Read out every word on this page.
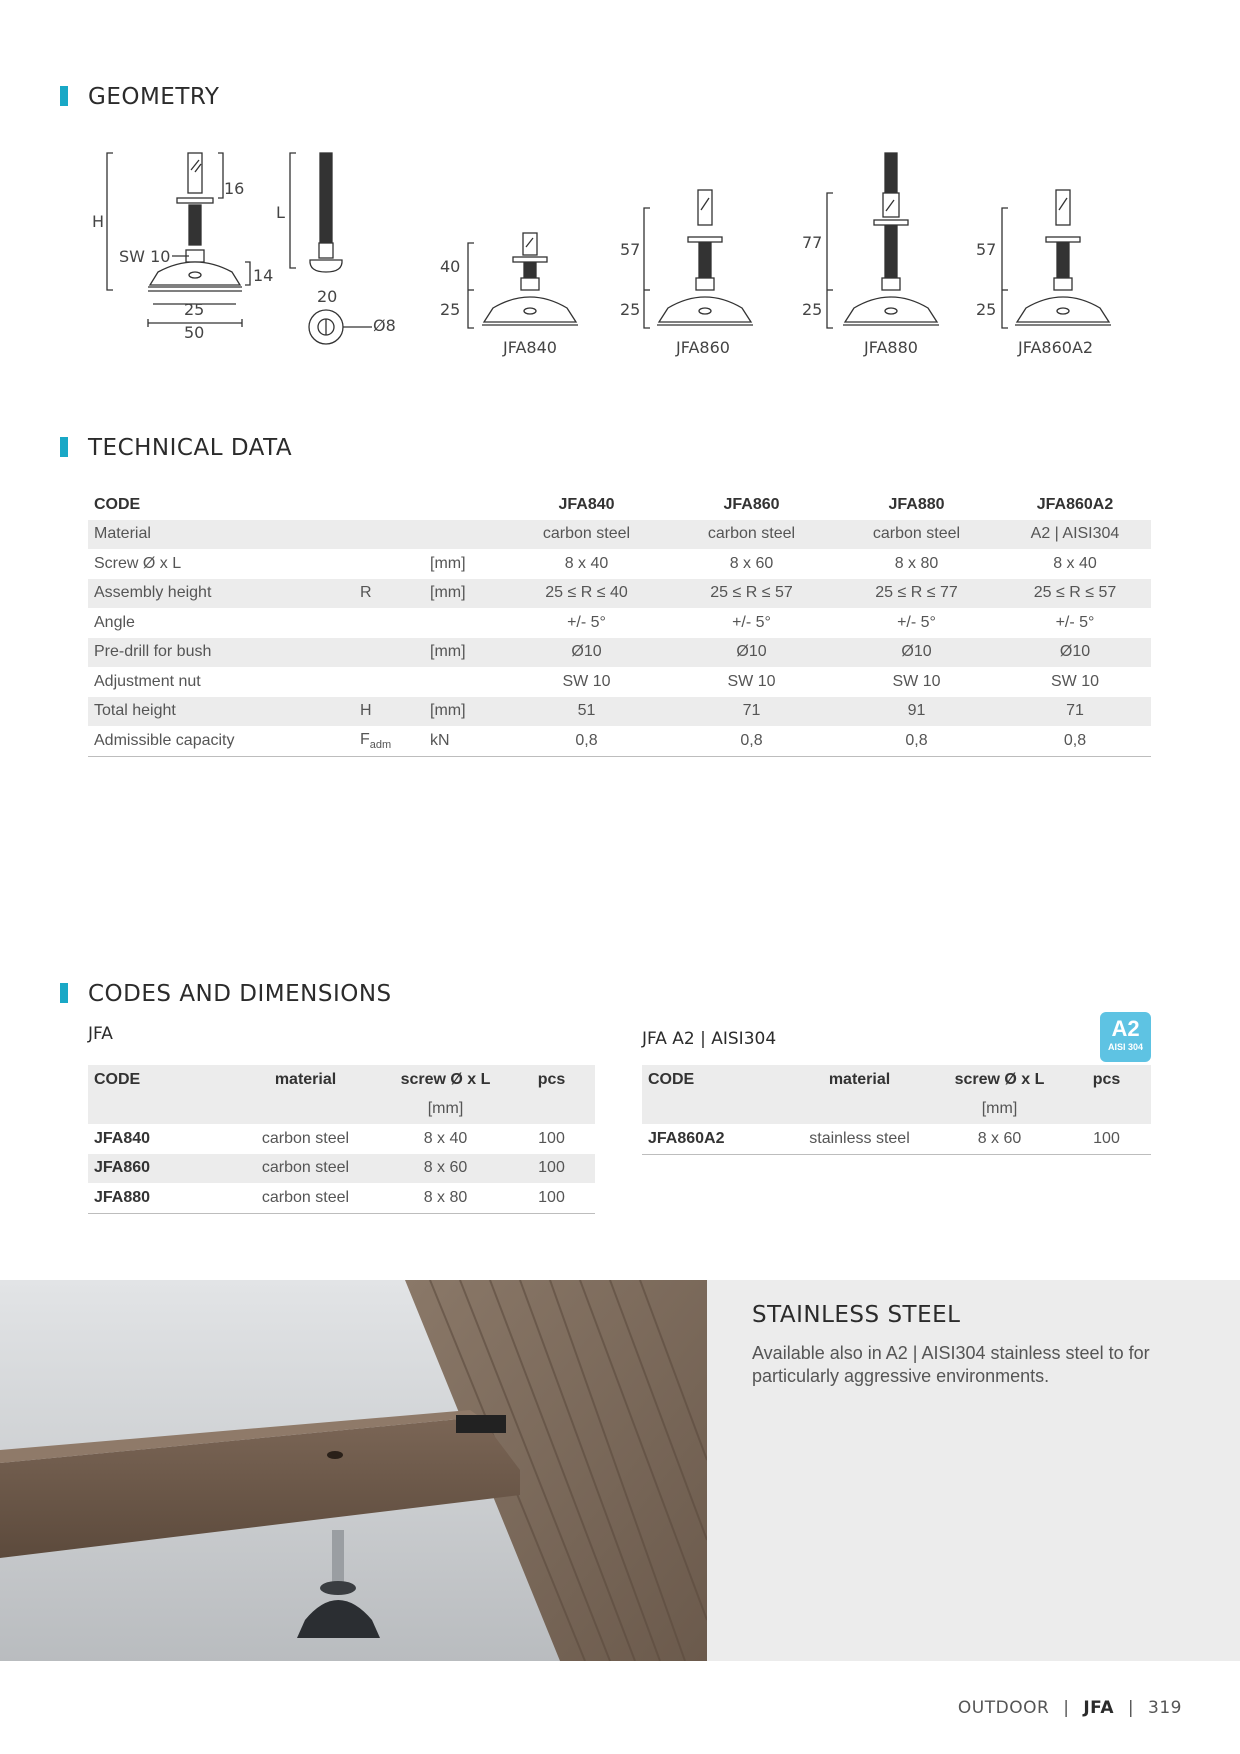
GEOMETRY
H
16
SW 10
14
25
50
L
20
Ø8
40
25
JFA840
57
25
JFA860
77
25
JFA880
57
25
JFA860A2
TECHNICAL DATA
CODE			JFA840	JFA860	JFA880	JFA860A2
Material			carbon steel	carbon steel	carbon steel	A2 | AISI304
Screw Ø x L		[mm]	8 x 40	8 x 60	8 x 80	8 x 40
Assembly height	R	[mm]	25 ≤ R ≤ 40	25 ≤ R ≤ 57	25 ≤ R ≤ 77	25 ≤ R ≤ 57
Angle			+/- 5°	+/- 5°	+/- 5°	+/- 5°
Pre-drill for bush		[mm]	Ø10	Ø10	Ø10	Ø10
Adjustment nut			SW 10	SW 10	SW 10	SW 10
Total height	H	[mm]	51	71	91	71
Admissible capacity	$F_{adm}$	kN	0,8	0,8	0,8	0,8
CODES AND DIMENSIONS
JFA
CODE	material	screw Ø x L	pcs
		[mm]	
JFA840	carbon steel	8 x 40	100
JFA860	carbon steel	8 x 60	100
JFA880	carbon steel	8 x 80	100
JFA A2 | AISI304	A2
AISI 304
CODE	material	screw Ø x L	pcs
		[mm]	
JFA860A2	stainless steel	8 x 60	100
STAINLESS STEEL

Available also in A2 | AISI304 stainless steel to for particularly aggressive environments.

OUTDOOR | JFA | 319
